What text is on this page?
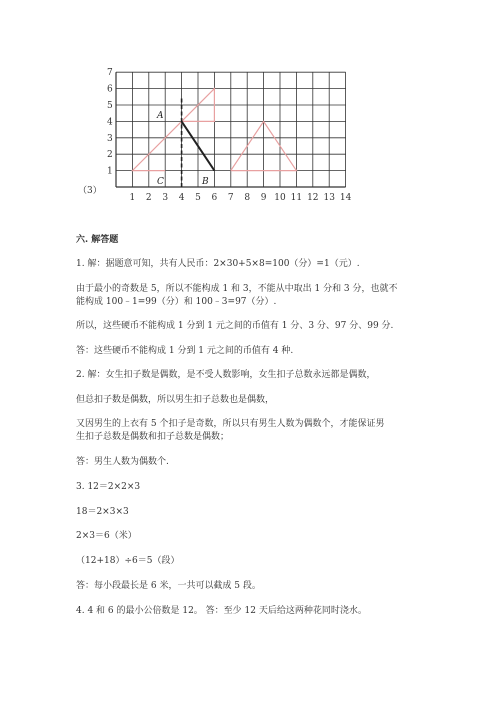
1
2
3
4
5
6
7
1 2 3 4 5 6 7 8 9 10 11 12 13 14
A
B
C
（3）
六. 解答题
1. 解：据题意可知，共有人民币：2×30+5×8=100（分）=1（元）.
由于最小的奇数是 5，所以不能构成 1 和 3，不能从中取出 1 分和 3 分，也就不
能构成 100﹣1=99（分）和 100﹣3=97（分）.
所以，这些硬币不能构成 1 分到 1 元之间的币值有 1 分、3 分、97 分、99 分.
答：这些硬币不能构成 1 分到 1 元之间的币值有 4 种.
2. 解：女生扣子数是偶数，是不受人数影响，女生扣子总数永远都是偶数，
但总扣子数是偶数，所以男生扣子总数也是偶数，
又因男生的上衣有 5 个扣子是奇数，所以只有男生人数为偶数个，才能保证男
生扣子总数是偶数和扣子总数是偶数；
答：男生人数为偶数个.
3. 12＝2×2×3
18＝2×3×3
2×3＝6（米）
（12+18）÷6＝5（段）
答：每小段最长是 6 米，一共可以截成 5 段。
4. 4 和 6 的最小公倍数是 12。 答：至少 12 天后给这两种花同时浇水。
